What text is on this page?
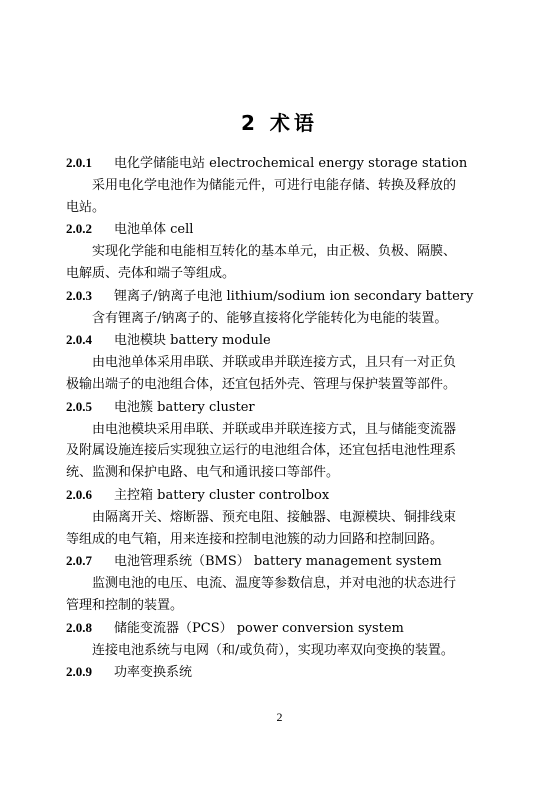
2 术语
2.0.1 电化学储能电站 electrochemical energy storage station
采用电化学电池作为储能元件，可进行电能存储、转换及释放的
电站。
2.0.2 电池单体 cell
实现化学能和电能相互转化的基本单元，由正极、负极、隔膜、
电解质、壳体和端子等组成。
2.0.3 锂离子/钠离子电池 lithium/sodium ion secondary battery
含有锂离子/钠离子的、能够直接将化学能转化为电能的装置。
2.0.4 电池模块 battery module
由电池单体采用串联、并联或串并联连接方式，且只有一对正负
极输出端子的电池组合体，还宜包括外壳、管理与保护装置等部件。
2.0.5 电池簇 battery cluster
由电池模块采用串联、并联或串并联连接方式，且与储能变流器
及附属设施连接后实现独立运行的电池组合体，还宜包括电池性理系
统、监测和保护电路、电气和通讯接口等部件。
2.0.6 主控箱 battery cluster controlbox
由隔离开关、熔断器、预充电阻、接触器、电源模块、铜排线束
等组成的电气箱，用来连接和控制电池簇的动力回路和控制回路。
2.0.7 电池管理系统（BMS） battery management system
监测电池的电压、电流、温度等参数信息，并对电池的状态进行
管理和控制的装置。
2.0.8 储能变流器（PCS） power conversion system
连接电池系统与电网（和/或负荷），实现功率双向变换的装置。
2.0.9 功率变换系统
2
